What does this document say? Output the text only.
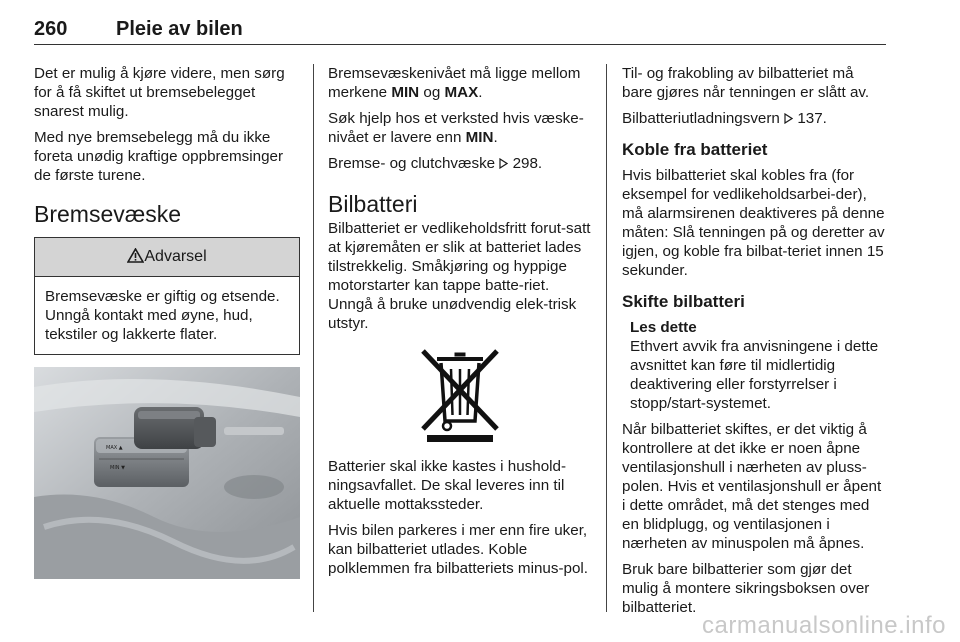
260 Pleie av bilen

Det er mulig å kjøre videre, men sørg for å få skiftet ut bremsebelegget snarest mulig.

Med nye bremsebelegg må du ikke foreta unødig kraftige oppbremsinger de første turene.

Bremsevæske
Advarsel
Bremsevæske er giftig og etsende. Unngå kontakt med øyne, hud, tekstiler og lakkerte flater.
MAX ▲
MIN ▼

Bremsevæskenivået må ligge mellom merkene MIN og MAX.

Søk hjelp hos et verksted hvis væske-nivået er lavere enn MIN.

Bremse- og clutchvæske  298.

Bilbatteri

Bilbatteriet er vedlikeholdsfritt forut-satt at kjøremåten er slik at batteriet lades tilstrekkelig. Småkjøring og hyppige motorstarter kan tappe batte-riet. Unngå å bruke unødvendig elek-trisk utstyr.

Batterier skal ikke kastes i hushold-ningsavfallet. De skal leveres inn til aktuelle mottakssteder.

Hvis bilen parkeres i mer enn fire uker, kan bilbatteriet utlades. Koble polklemmen fra bilbatteriets minus-pol.

Til- og frakobling av bilbatteriet må bare gjøres når tenningen er slått av.

Bilbatteriutladningsvern  137.

Koble fra batteriet

Hvis bilbatteriet skal kobles fra (for eksempel for vedlikeholdsarbei-der), må alarmsirenen deaktiveres på denne måten: Slå tenningen på og deretter av igjen, og koble fra bilbat-teriet innen 15 sekunder.

Skifte bilbatteri
Les dette
Ethvert avvik fra anvisningene i dette avsnittet kan føre til midlertidig deaktivering eller forstyrrelser i stopp/start-systemet.

Når bilbatteriet skiftes, er det viktig å kontrollere at det ikke er noen åpne ventilasjonshull i nærheten av pluss-polen. Hvis et ventilasjonshull er åpent i dette området, må det stenges med en blidplugg, og ventilasjonen i nærheten av minuspolen må åpnes.

Bruk bare bilbatterier som gjør det mulig å montere sikringsboksen over bilbatteriet.

carmanualsonline.info
